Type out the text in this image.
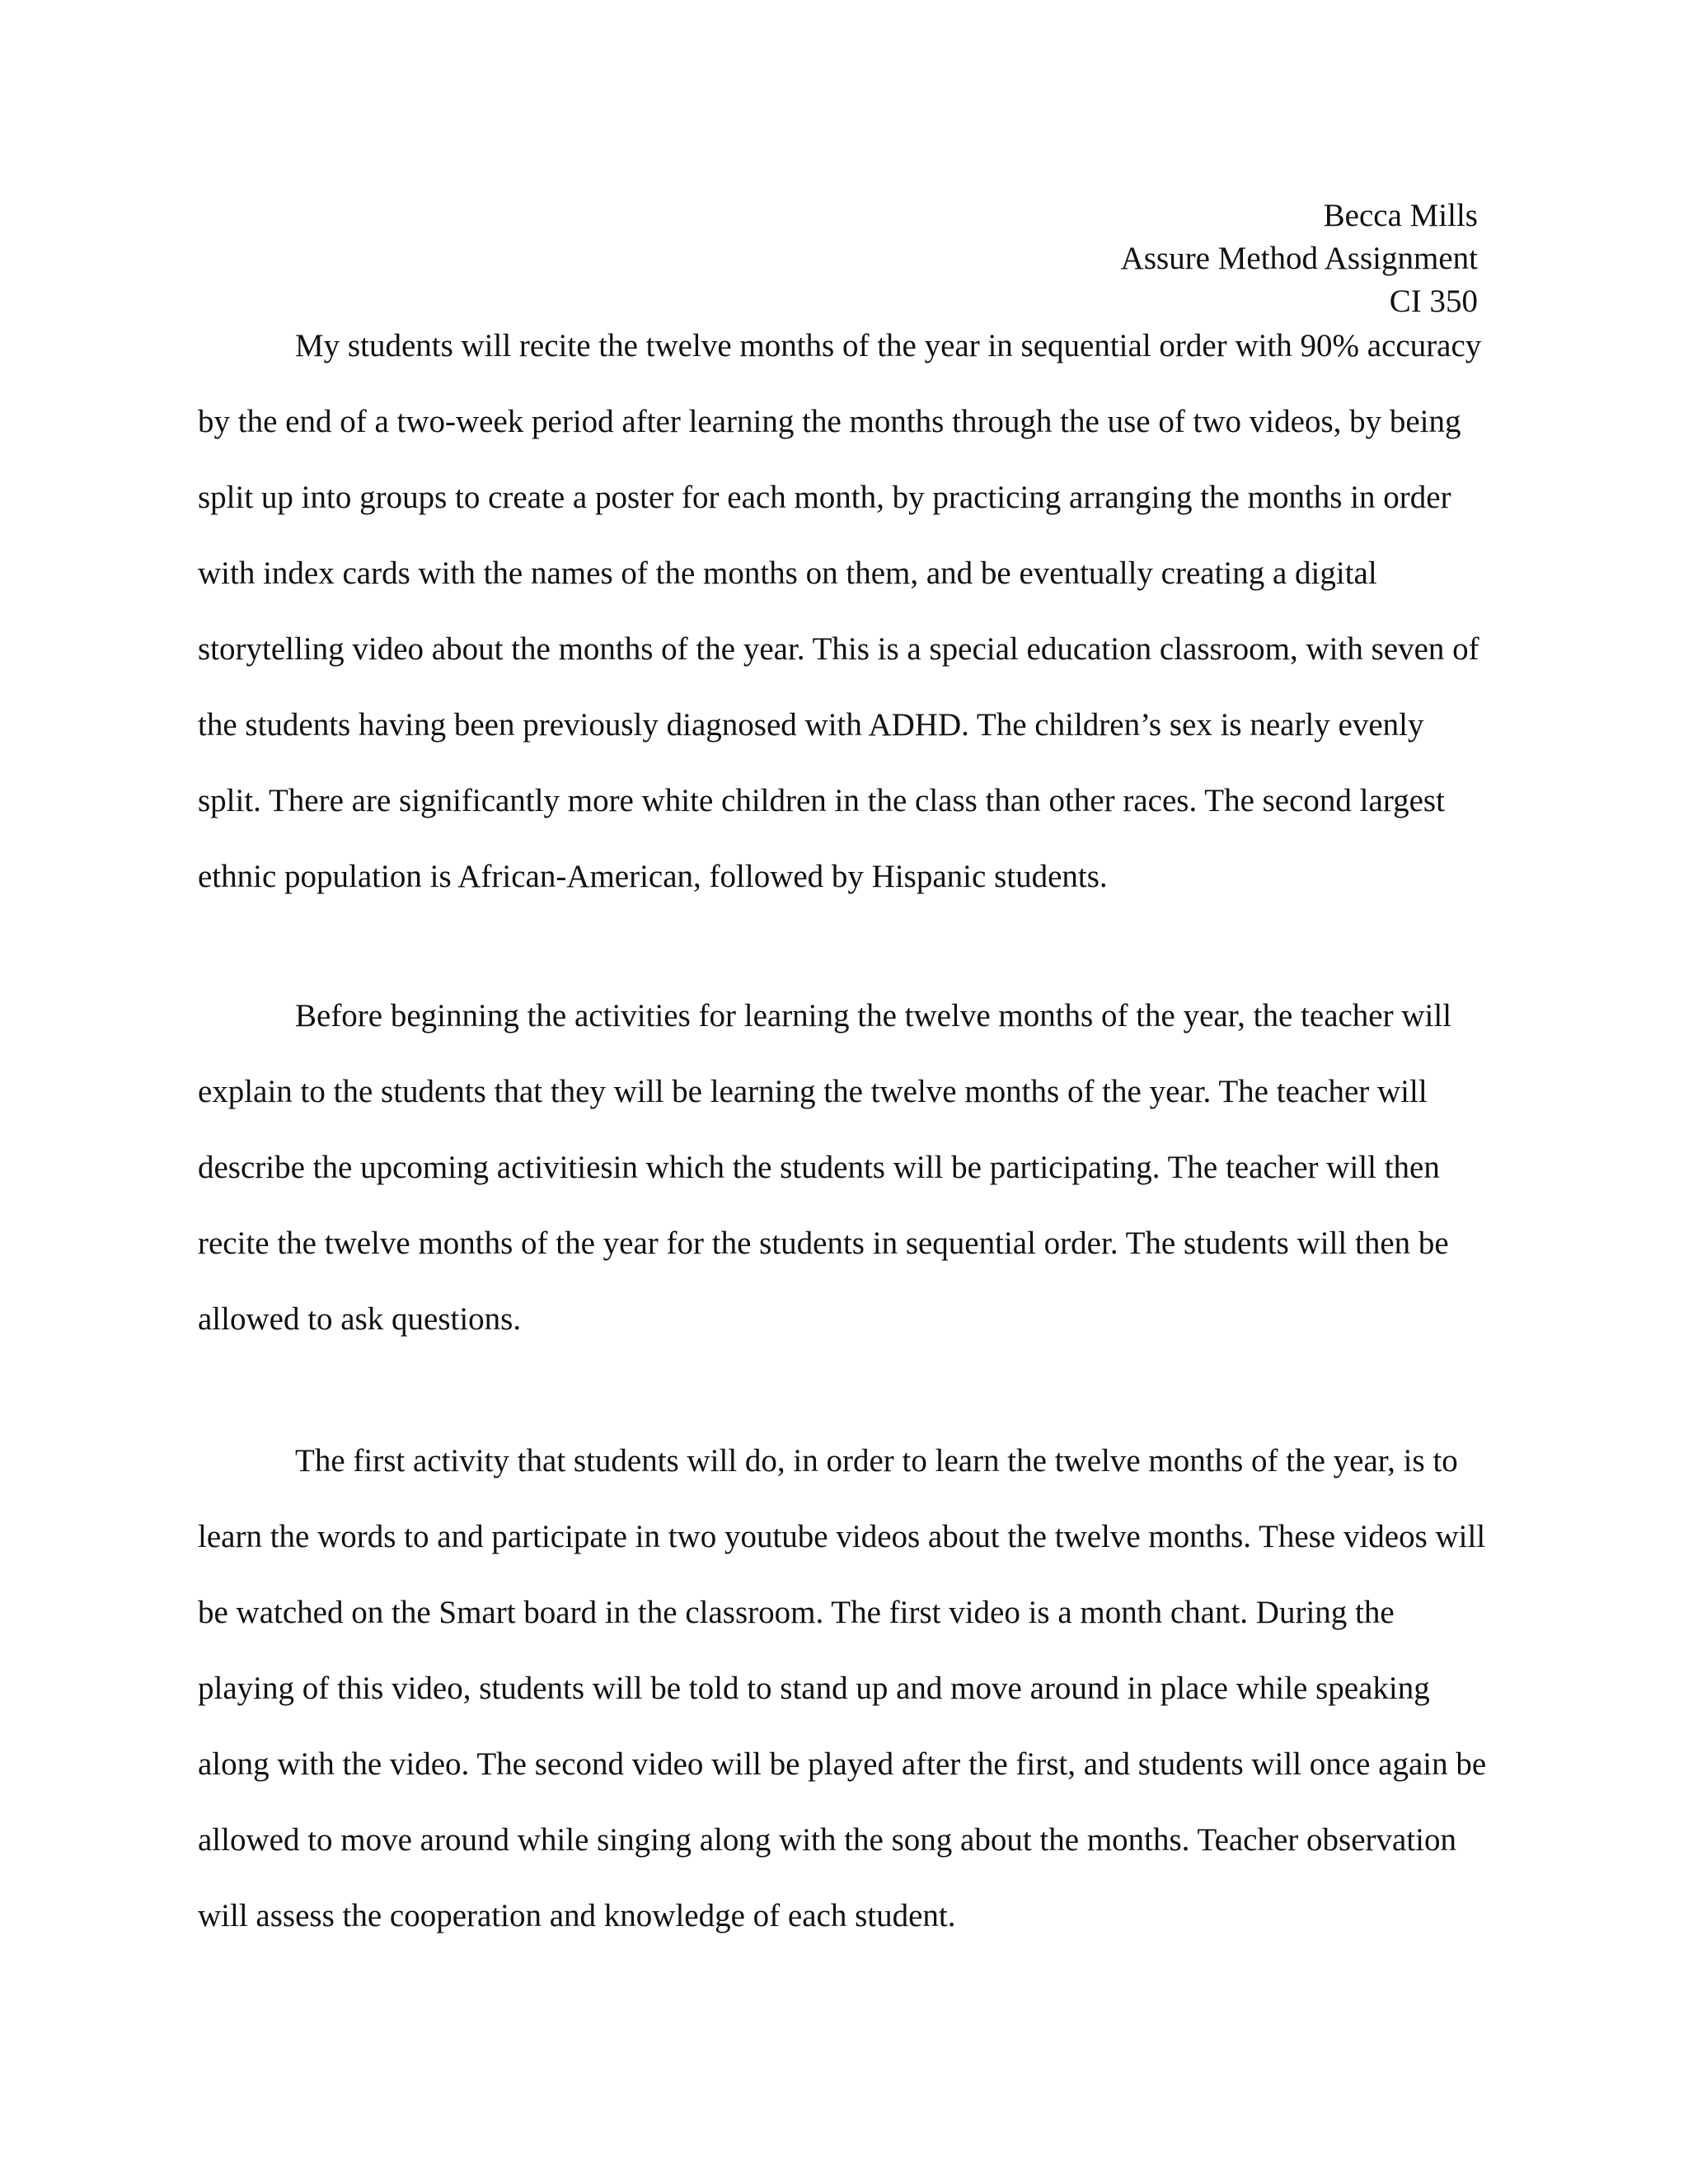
Becca Mills
Assure Method Assignment
CI 350

My students will recite the twelve months of the year in sequential order with 90% accuracy by the end of a two-week period after learning the months through the use of two videos, by being split up into groups to create a poster for each month, by practicing arranging the months in order with index cards with the names of the months on them, and be eventually creating a digital storytelling video about the months of the year. This is a special education classroom, with seven of the students having been previously diagnosed with ADHD. The children’s sex is nearly evenly split. There are significantly more white children in the class than other races. The second largest ethnic population is African-American, followed by Hispanic students.

Before beginning the activities for learning the twelve months of the year, the teacher will explain to the students that they will be learning the twelve months of the year. The teacher will describe the upcoming activitiesin which the students will be participating. The teacher will then recite the twelve months of the year for the students in sequential order. The students will then be allowed to ask questions.

The first activity that students will do, in order to learn the twelve months of the year, is to learn the words to and participate in two youtube videos about the twelve months. These videos will be watched on the Smart board in the classroom. The first video is a month chant. During the playing of this video, students will be told to stand up and move around in place while speaking along with the video. The second video will be played after the first, and students will once again be allowed to move around while singing along with the song about the months. Teacher observation will assess the cooperation and knowledge of each student.
